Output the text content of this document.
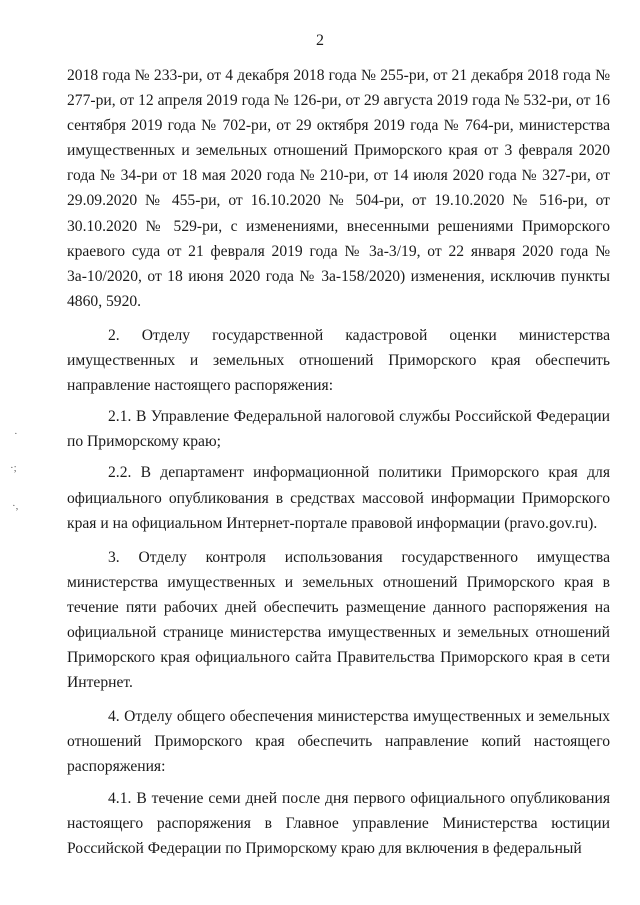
2
·
·;
·,

2018 года № 233-ри, от 4 декабря 2018 года № 255-ри, от 21 декабря 2018 года № 277-ри, от 12 апреля 2019 года № 126-ри, от 29 августа 2019 года № 532-ри, от 16 сентября 2019 года № 702-ри, от 29 октября 2019 года № 764-ри, министерства имущественных и земельных отношений Приморского края от 3 февраля 2020 года № 34-ри от 18 мая 2020 года № 210-ри, от 14 июля 2020 года № 327-ри, от 29.09.2020 № 455-ри, от 16.10.2020 № 504-ри, от 19.10.2020 № 516-ри, от 30.10.2020 № 529-ри, с изменениями, внесенными решениями Приморского краевого суда от 21 февраля 2019 года № 3а-3/19, от 22 января 2020 года № 3а-10/2020, от 18 июня 2020 года № 3а-158/2020) изменения, исключив пункты 4860, 5920.

2. Отделу государственной кадастровой оценки министерства имущественных и земельных отношений Приморского края обеспечить направление настоящего распоряжения:

2.1. В Управление Федеральной налоговой службы Российской Федерации по Приморскому краю;

2.2. В департамент информационной политики Приморского края для официального опубликования в средствах массовой информации Приморского края и на официальном Интернет-портале правовой информации (pravo.gov.ru).

3. Отделу контроля использования государственного имущества министерства имущественных и земельных отношений Приморского края в течение пяти рабочих дней обеспечить размещение данного распоряжения на официальной странице министерства имущественных и земельных отношений Приморского края официального сайта Правительства Приморского края в сети Интернет.

4. Отделу общего обеспечения министерства имущественных и земельных отношений Приморского края обеспечить направление копий настоящего распоряжения:

4.1. В течение семи дней после дня первого официального опубликования настоящего распоряжения в Главное управление Министерства юстиции Российской Федерации по Приморскому краю для включения в федеральный
